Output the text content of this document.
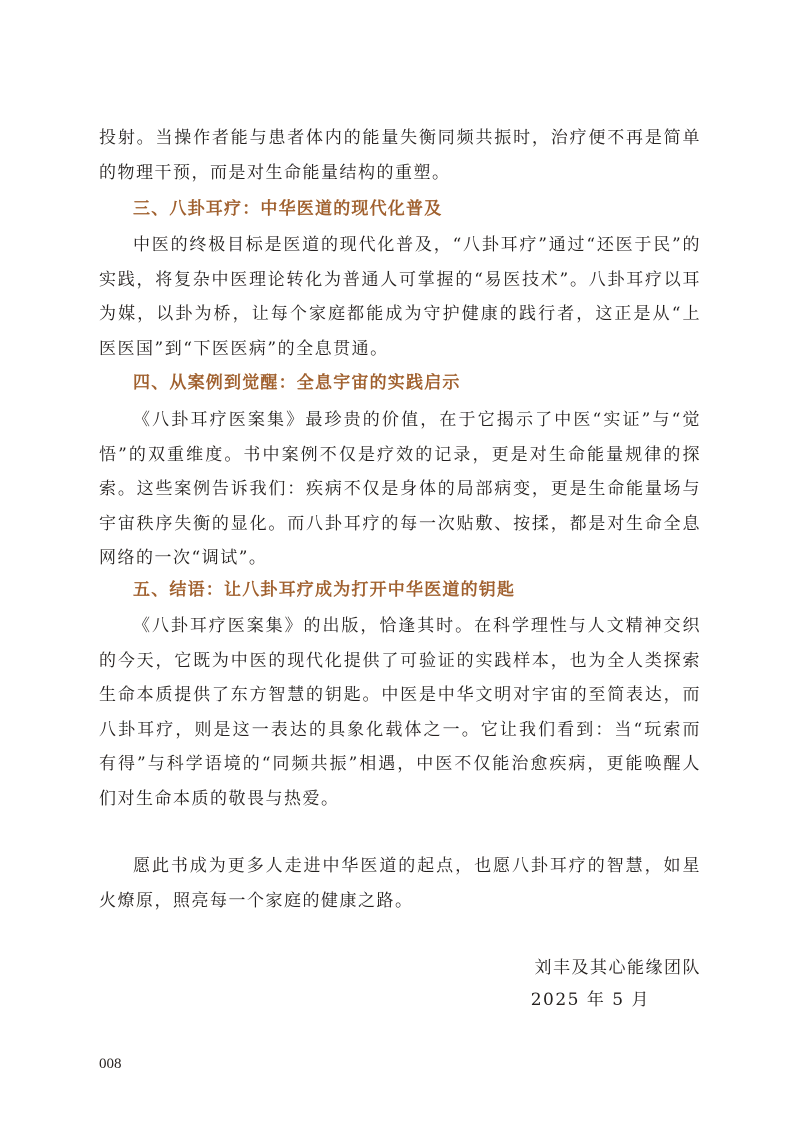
投射。当操作者能与患者体内的能量失衡同频共振时，治疗便不再是简单的物理干预，而是对生命能量结构的重塑。

三、八卦耳疗：中华医道的现代化普及

中医的终极目标是医道的现代化普及，“八卦耳疗”通过“还医于民”的实践，将复杂中医理论转化为普通人可掌握的“易医技术”。八卦耳疗以耳为媒，以卦为桥，让每个家庭都能成为守护健康的践行者，这正是从“上医医国”到“下医医病”的全息贯通。

四、从案例到觉醒：全息宇宙的实践启示

《八卦耳疗医案集》最珍贵的价值，在于它揭示了中医“实证”与“觉悟”的双重维度。书中案例不仅是疗效的记录，更是对生命能量规律的探索。这些案例告诉我们：疾病不仅是身体的局部病变，更是生命能量场与宇宙秩序失衡的显化。而八卦耳疗的每一次贴敷、按揉，都是对生命全息网络的一次“调试”。

五、结语：让八卦耳疗成为打开中华医道的钥匙

《八卦耳疗医案集》的出版，恰逢其时。在科学理性与人文精神交织的今天，它既为中医的现代化提供了可验证的实践样本，也为全人类探索生命本质提供了东方智慧的钥匙。中医是中华文明对宇宙的至简表达，而八卦耳疗，则是这一表达的具象化载体之一。它让我们看到：当“玩索而有得”与科学语境的“同频共振”相遇，中医不仅能治愈疾病，更能唤醒人们对生命本质的敬畏与热爱。

愿此书成为更多人走进中华医道的起点，也愿八卦耳疗的智慧，如星火燎原，照亮每一个家庭的健康之路。

刘丰及其心能缘团队

2025 年 5 月

008
